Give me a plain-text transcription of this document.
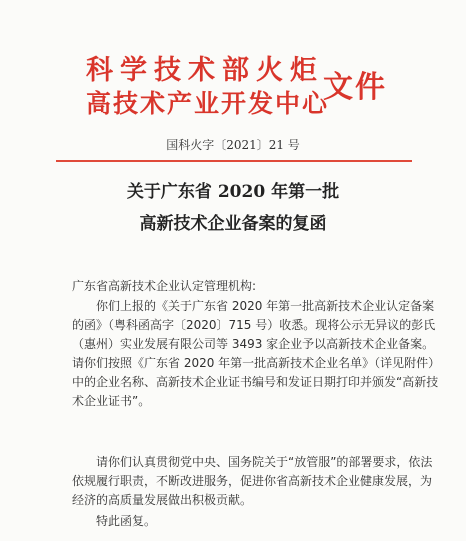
科学技术部火炬
高技术产业开发中心
文件
国科火字〔2021〕21 号
关于广东省 2020 年第一批
高新技术企业备案的复函

广东省高新技术企业认定管理机构:

你们上报的《关于广东省 2020 年第一批高新技术企业认定备案的函》（粤科函高字〔2020〕715 号）收悉。现将公示无异议的彭氏（惠州）实业发展有限公司等 3493 家企业予以高新技术企业备案。请你们按照《广东省 2020 年第一批高新技术企业名单》（详见附件）中的企业名称、高新技术企业证书编号和发证日期打印并颁发“高新技术企业证书”。

请你们认真贯彻党中央、国务院关于“放管服”的部署要求，依法依规履行职责，不断改进服务，促进你省高新技术企业健康发展，为经济的高质量发展做出积极贡献。

特此函复。
